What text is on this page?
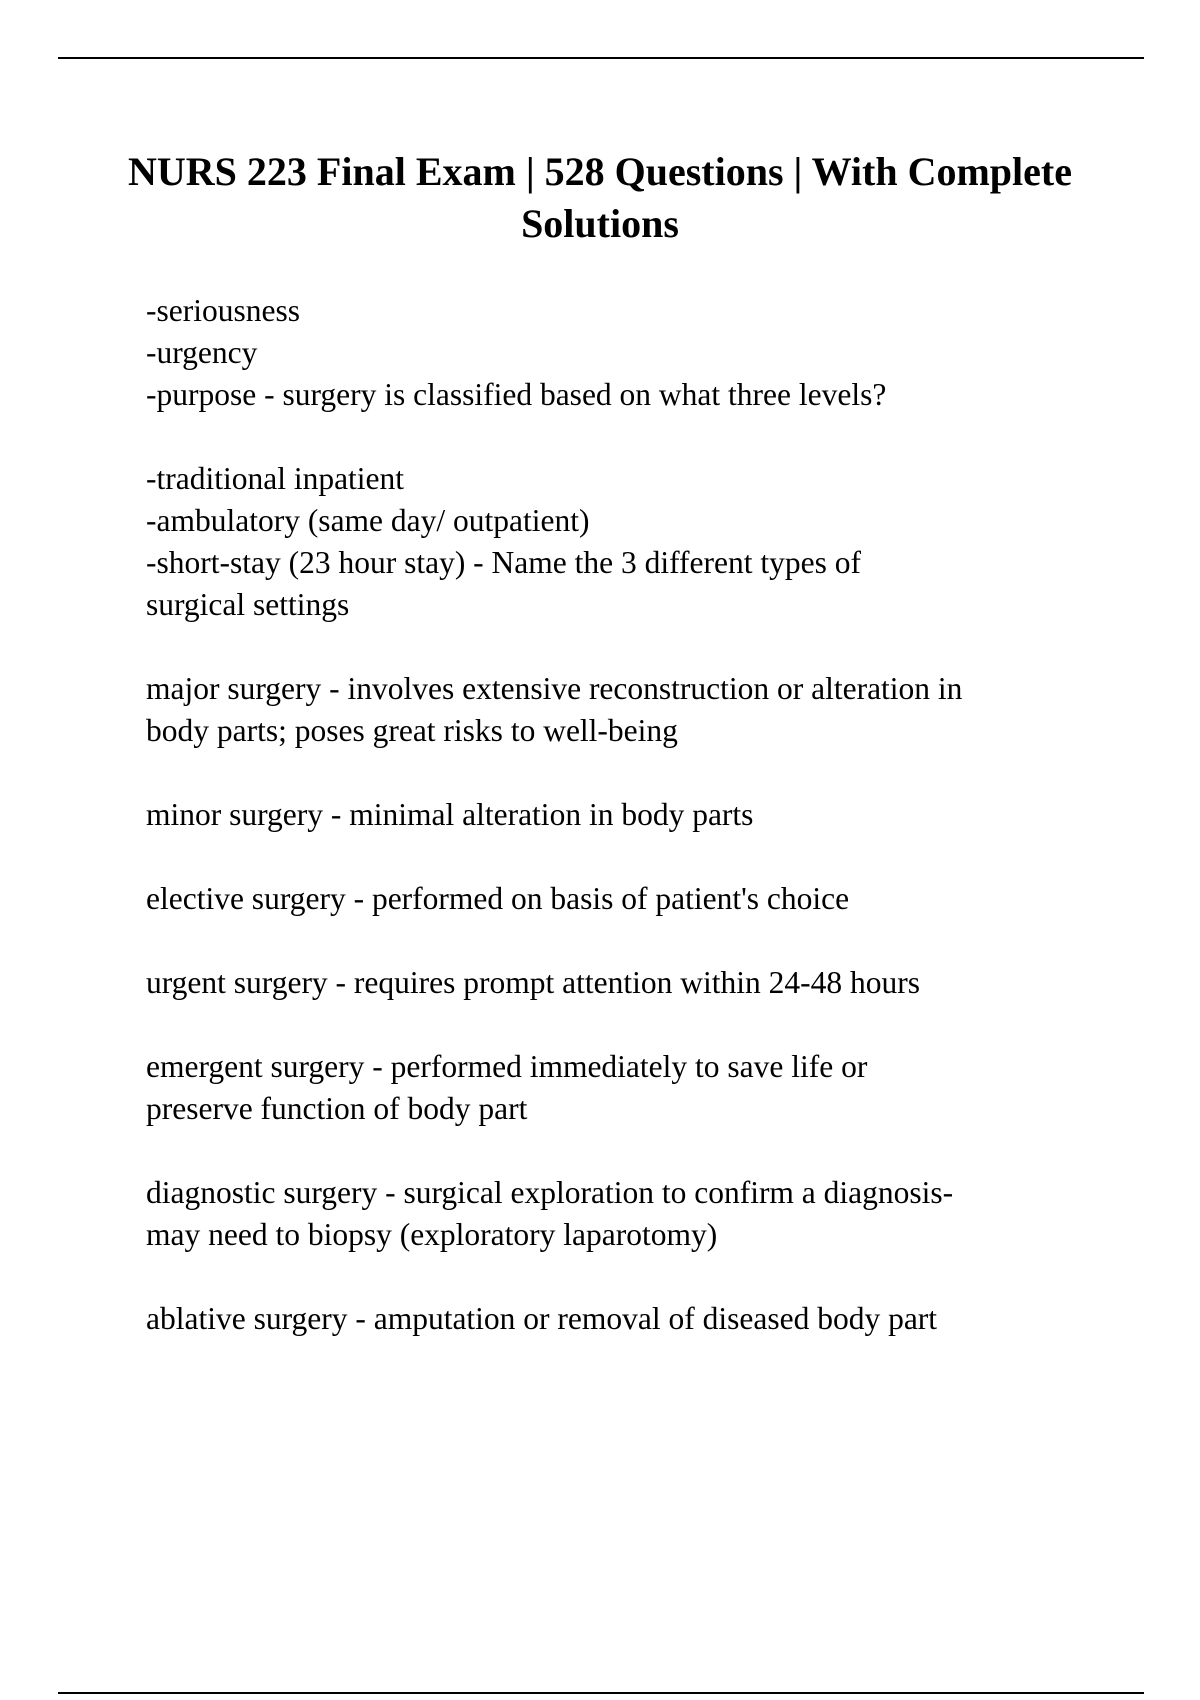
NURS 223 Final Exam | 528 Questions | With Complete Solutions

-seriousness
-urgency
-purpose - surgery is classified based on what three levels?

-traditional inpatient
-ambulatory (same day/ outpatient)
-short-stay (23 hour stay) - Name the 3 different types of
surgical settings

major surgery - involves extensive reconstruction or alteration in
body parts; poses great risks to well-being

minor surgery - minimal alteration in body parts

elective surgery - performed on basis of patient's choice

urgent surgery - requires prompt attention within 24-48 hours

emergent surgery - performed immediately to save life or
preserve function of body part

diagnostic surgery - surgical exploration to confirm a diagnosis-
may need to biopsy (exploratory laparotomy)

ablative surgery - amputation or removal of diseased body part
